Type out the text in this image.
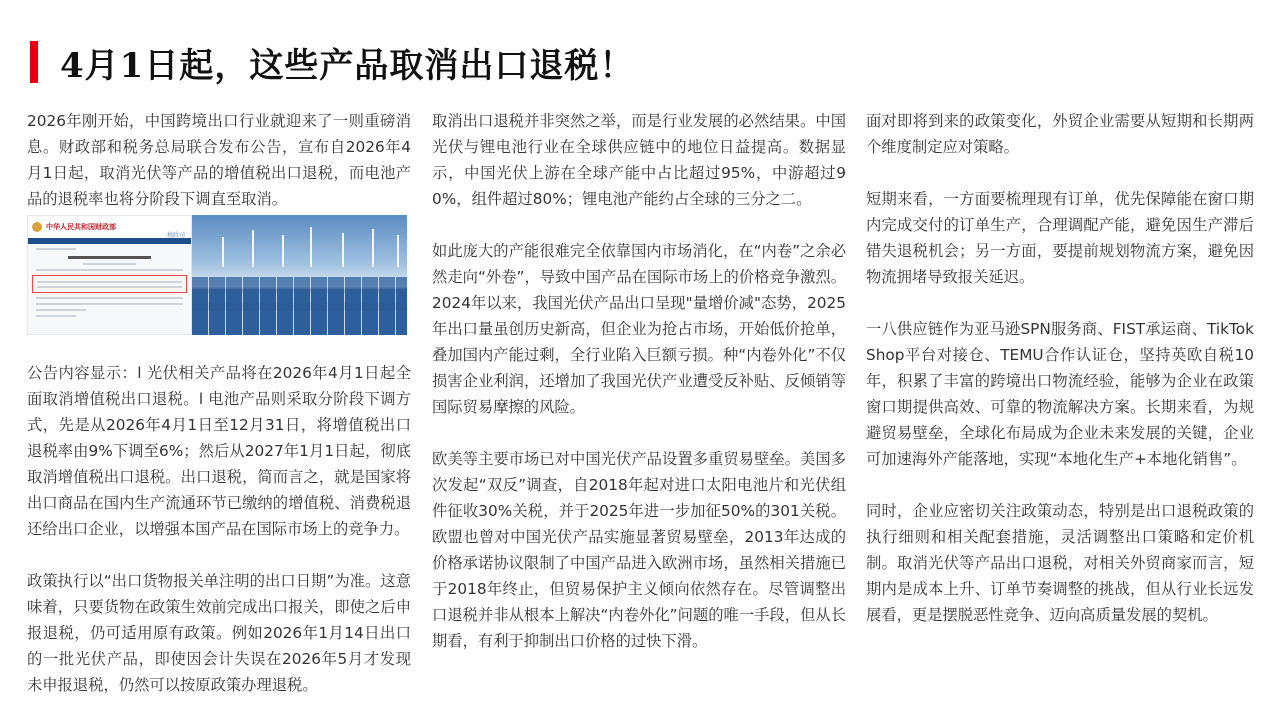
4月1日起，这些产品取消出口退税！

2026年刚开始，中国跨境出口行业就迎来了一则重磅消息。财政部和税务总局联合发布公告，宣布自2026年4月1日起，取消光伏等产品的增值税出口退税，而电池产品的退税率也将分阶段下调直至取消。

中华人民共和国财政部
税政司

公告内容显示：l 光伏相关产品将在2026年4月1日起全面取消增值税出口退税。l 电池产品则采取分阶段下调方式，先是从2026年4月1日至12月31日，将增值税出口退税率由9%下调至6%；然后从2027年1月1日起，彻底取消增值税出口退税。出口退税，简而言之，就是国家将出口商品在国内生产流通环节已缴纳的增值税、消费税退还给出口企业，以增强本国产品在国际市场上的竞争力。

政策执行以“出口货物报关单注明的出口日期”为准。这意味着，只要货物在政策生效前完成出口报关，即使之后申报退税，仍可适用原有政策。例如2026年1月14日出口的一批光伏产品，即使因会计失误在2026年5月才发现未申报退税，仍然可以按原政策办理退税。

取消出口退税并非突然之举，而是行业发展的必然结果。中国光伏与锂电池行业在全球供应链中的地位日益提高。数据显示，中国光伏上游在全球产能中占比超过95%，中游超过90%，组件超过80%；锂电池产能约占全球的三分之二。

如此庞大的产能很难完全依靠国内市场消化，在“内卷”之余必然走向“外卷”，导致中国产品在国际市场上的价格竞争激烈。2024年以来，我国光伏产品出口呈现"量增价减"态势，2025年出口量虽创历史新高，但企业为抢占市场，开始低价抢单，叠加国内产能过剩，全行业陷入巨额亏损。种“内卷外化”不仅损害企业利润，还增加了我国光伏产业遭受反补贴、反倾销等国际贸易摩擦的风险。

欧美等主要市场已对中国光伏产品设置多重贸易壁垒。美国多次发起“双反”调查，自2018年起对进口太阳电池片和光伏组件征收30%关税，并于2025年进一步加征50%的301关税。欧盟也曾对中国光伏产品实施显著贸易壁垒，2013年达成的价格承诺协议限制了中国产品进入欧洲市场，虽然相关措施已于2018年终止，但贸易保护主义倾向依然存在。尽管调整出口退税并非从根本上解决“内卷外化”问题的唯一手段，但从长期看，有利于抑制出口价格的过快下滑。

面对即将到来的政策变化，外贸企业需要从短期和长期两个维度制定应对策略。

短期来看，一方面要梳理现有订单，优先保障能在窗口期内完成交付的订单生产，合理调配产能，避免因生产滞后错失退税机会；另一方面，要提前规划物流方案，避免因物流拥堵导致报关延迟。

一八供应链作为亚马逊SPN服务商、FIST承运商、TikTok Shop平台对接仓、TEMU合作认证仓，坚持英欧自税10年，积累了丰富的跨境出口物流经验，能够为企业在政策窗口期提供高效、可靠的物流解决方案。长期来看，为规避贸易壁垒，全球化布局成为企业未来发展的关键，企业可加速海外产能落地，实现“本地化生产+本地化销售”。

同时，企业应密切关注政策动态，特别是出口退税政策的执行细则和相关配套措施，灵活调整出口策略和定价机制。取消光伏等产品出口退税，对相关外贸商家而言，短期内是成本上升、订单节奏调整的挑战，但从行业长远发展看，更是摆脱恶性竞争、迈向高质量发展的契机。
